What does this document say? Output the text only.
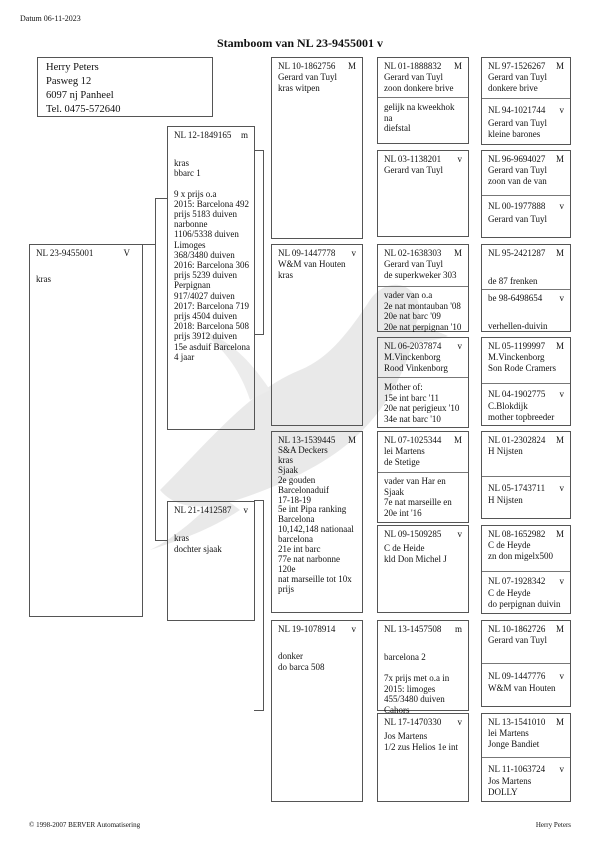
Datum 06-11-2023
Stamboom van NL 23-9455001 v
Herry Peters
Pasweg 12
6097 nj Panheel
Tel. 0475-572640
NL 23-9455001	V
kras
NL 12-1849165	m
kras
bbarc 1

9 x prijs o.a
2015: Barcelona 492
prijs 5183 duiven
narbonne
1106/5338 duiven
Limoges
368/3480 duiven
2016: Barcelona 306
prijs 5239 duiven
Perpignan
917/4027 duiven
2017: Barcelona 719
prijs 4504 duiven
2018: Barcelona 508
prijs 3912 duiven
15e asduif Barcelona
4 jaar
NL 21-1412587	v
kras
dochter sjaak
NL 10-1862756	M
Gerard van Tuyl
kras witpen
NL 09-1447778	v
W&M van Houten
kras
NL 13-1539445	M
S&A Deckers
kras
Sjaak
2e gouden
Barcelonaduif
17-18-19
5e int Pipa ranking
Barcelona
10,142,148 nationaal
barcelona
21e int barc
77e nat narbonne 120e
nat marseille tot 10x
prijs
NL 19-1078914	v
donker
do barca 508
NL 01-1888832	M
Gerard van Tuyl
zoon donkere brive
gelijk na kweekhok na
diefstal
NL 03-1138201	v
Gerard van Tuyl
NL 02-1638303	M
Gerard van Tuyl
de superkweker 303
vader van o.a
2e nat montauban '08
20e nat barc '09
20e nat perpignan '10
NL 06-2037874	v
M.Vinckenborg
Rood Vinkenborg
Mother of:
15e int barc '11
20e nat perigieux '10
34e nat barc '10
NL 07-1025344	M
lei Martens
de Stetige
vader van Har en
Sjaak
7e nat marseille en
20e int '16
NL 09-1509285	v
C de Heide
kld Don Michel J
NL 13-1457508	m
barcelona 2

7x prijs met o.a in
2015: limoges
455/3480 duiven
Cahors
NL 17-1470330	v
Jos Martens
1/2 zus Helios 1e int
NL 97-1526267	M
Gerard van Tuyl
donkere brive
NL 94-1021744	v
Gerard van Tuyl
kleine barones
NL 96-9694027	M
Gerard van Tuyl
zoon van de van
NL 00-1977888	v
Gerard van Tuyl
NL 95-2421287	M

de 87 frenken
be 98-6498654	v

verhellen-duivin
NL 05-1199997	M
M.Vinckenborg
Son Rode Cramers
NL 04-1902775	v
C.Blokdijk
mother topbreeder
NL 01-2302824	M
H Nijsten
NL 05-1743711	v
H Nijsten
NL 08-1652982	M
C de Heyde
zn don migelx500
NL 07-1928342	v
C de Heyde
do perpignan duivin
NL 10-1862726	M
Gerard van Tuyl
NL 09-1447776	v
W&M van Houten
NL 13-1541010	M
lei Martens
Jonge Bandiet
NL 11-1063724	v
Jos Martens
DOLLY
© 1998-2007 BERVER Automatisering	Herry Peters
